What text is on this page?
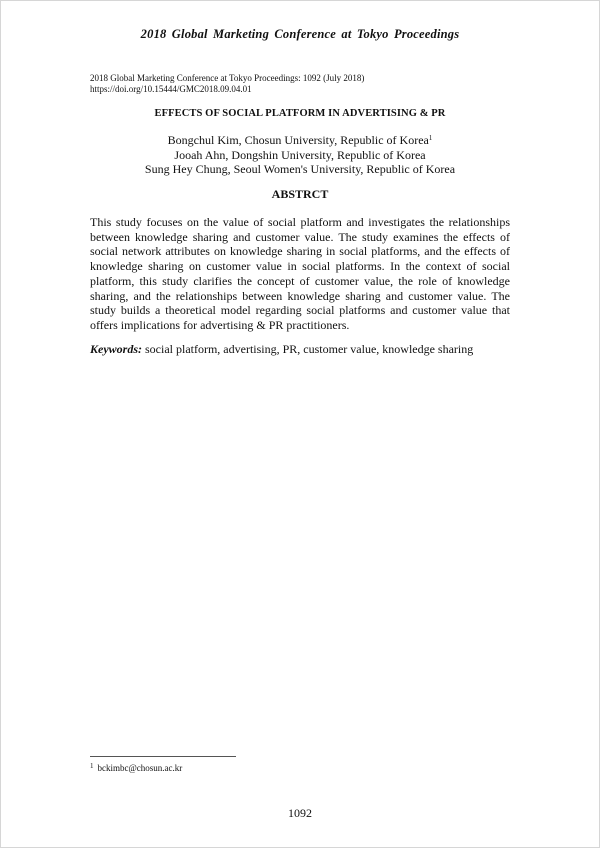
2018 Global Marketing Conference at Tokyo Proceedings
2018 Global Marketing Conference at Tokyo Proceedings: 1092 (July 2018)
https://doi.org/10.15444/GMC2018.09.04.01
EFFECTS OF SOCIAL PLATFORM IN ADVERTISING & PR
Bongchul Kim, Chosun University, Republic of Korea$^1$
Jooah Ahn, Dongshin University, Republic of Korea
Sung Hey Chung, Seoul Women's University, Republic of Korea
ABSTRCT

This study focuses on the value of social platform and investigates the relationships between knowledge sharing and customer value. The study examines the effects of social network attributes on knowledge sharing in social platforms, and the effects of knowledge sharing on customer value in social platforms. In the context of social platform, this study clarifies the concept of customer value, the role of knowledge sharing, and the relationships between knowledge sharing and customer value. The study builds a theoretical model regarding social platforms and customer value that offers implications for advertising & PR practitioners.

Keywords: social platform, advertising, PR, customer value, knowledge sharing

$^1$ bckimbc@chosun.ac.kr
1092
